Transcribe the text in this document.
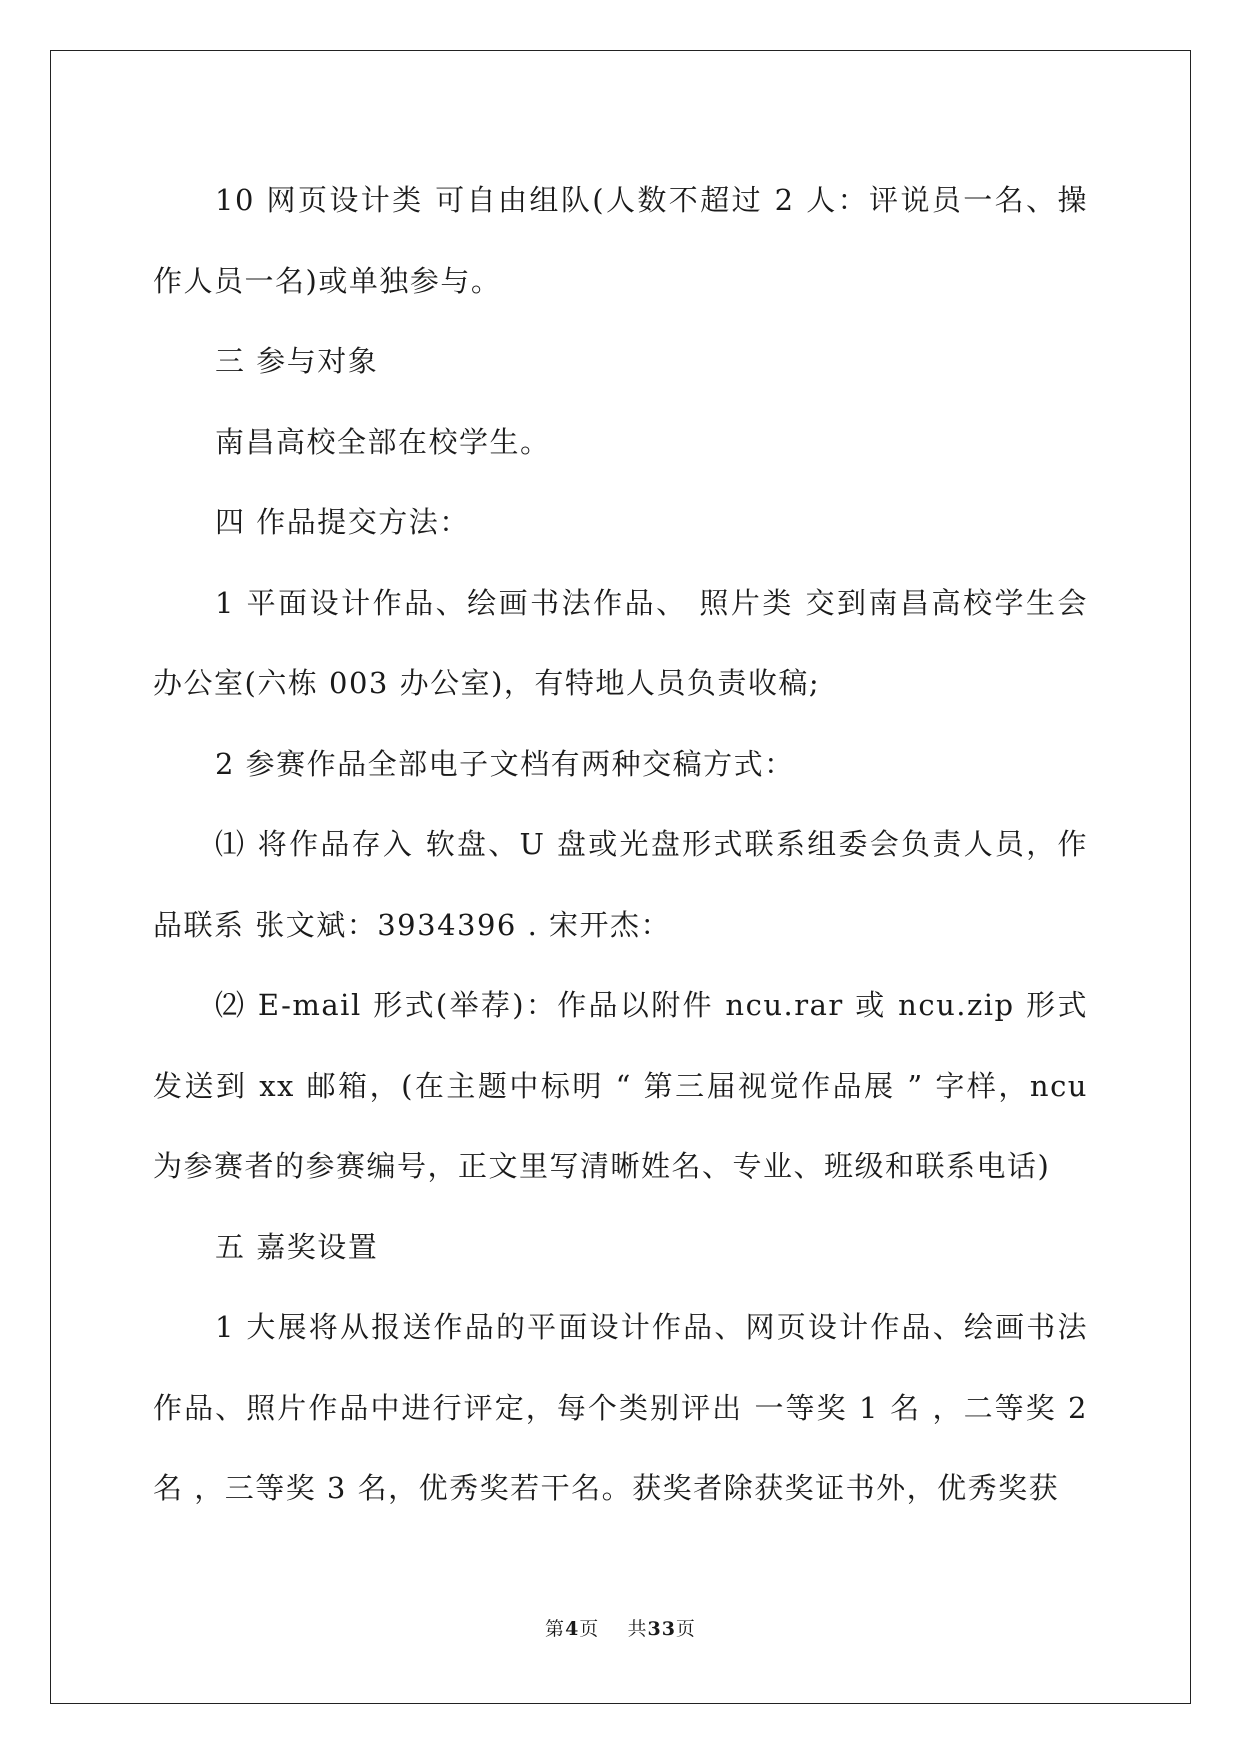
10 网页设计类 可自由组队(人数不超过 2 人：评说员一名、操作人员一名)或单独参与。

三 参与对象

南昌高校全部在校学生。

四 作品提交方法：

1 平面设计作品、绘画书法作品、 照片类 交到南昌高校学生会办公室(六栋 003 办公室)，有特地人员负责收稿;

2 参赛作品全部电子文档有两种交稿方式：

⑴ 将作品存入 软盘、U 盘或光盘形式联系组委会负责人员，作品联系 张文斌：3934396 . 宋开杰：

⑵ E-mail 形式(举荐)：作品以附件 ncu.rar 或 ncu.zip 形式发送到 xx 邮箱，(在主题中标明 “ 第三届视觉作品展 ” 字样，ncu 为参赛者的参赛编号，正文里写清晰姓名、专业、班级和联系电话)

五 嘉奖设置

1 大展将从报送作品的平面设计作品、网页设计作品、绘画书法作品、照片作品中进行评定，每个类别评出 一等奖 1 名 ，二等奖 2 名 ，三等奖 3 名，优秀奖若干名。获奖者除获奖证书外，优秀奖获

第4页    共33页
